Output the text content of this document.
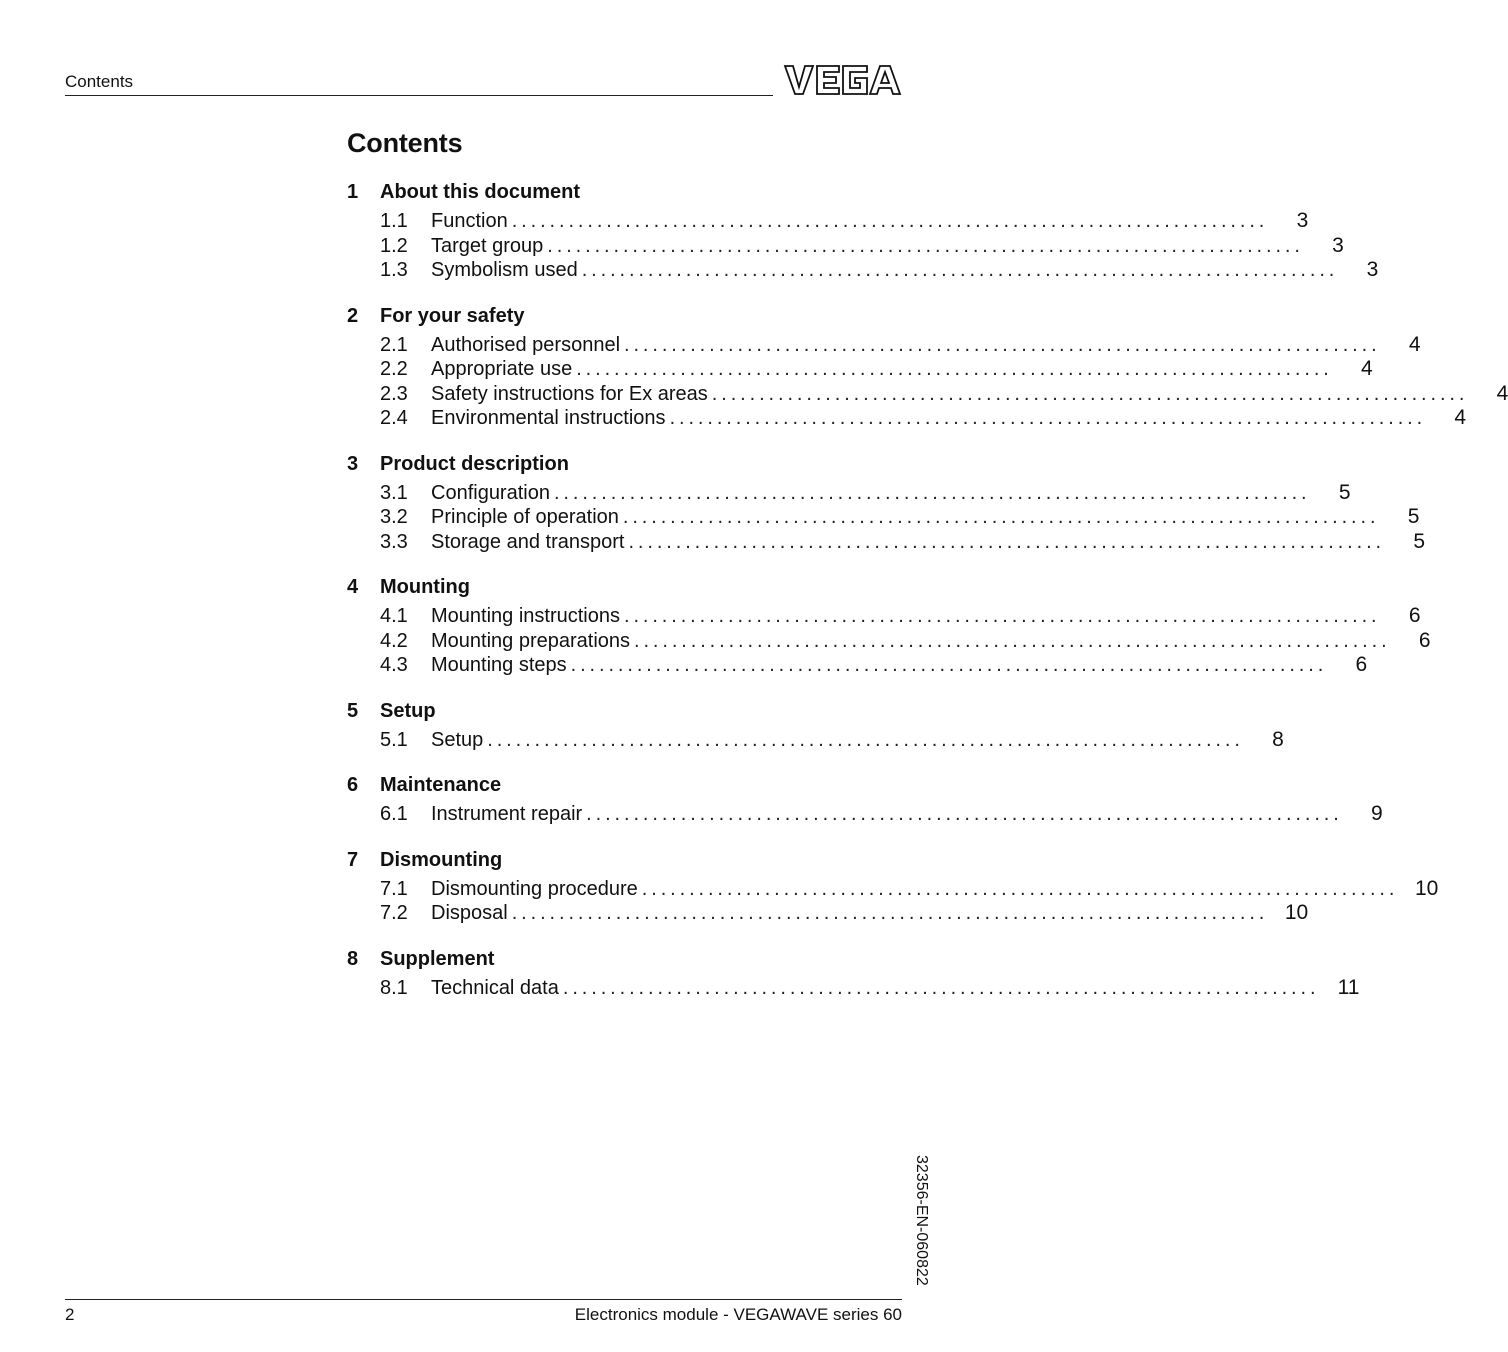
Contents
Contents
1	About this document
1.1	Function ................................................................................	3
1.2	Target group ................................................................................	3
1.3	Symbolism used ................................................................................	3
2	For your safety
2.1	Authorised personnel ................................................................................	4
2.2	Appropriate use ................................................................................	4
2.3	Safety instructions for Ex areas ................................................................................	4
2.4	Environmental instructions ................................................................................	4
3	Product description
3.1	Configuration ................................................................................	5
3.2	Principle of operation ................................................................................	5
3.3	Storage and transport ................................................................................	5
4	Mounting
4.1	Mounting instructions ................................................................................	6
4.2	Mounting preparations ................................................................................	6
4.3	Mounting steps ................................................................................	6
5	Setup
5.1	Setup ................................................................................	8
6	Maintenance
6.1	Instrument repair ................................................................................	9
7	Dismounting
7.1	Dismounting procedure ................................................................................ 10
7.2	Disposal ................................................................................ 10
8	Supplement
8.1	Technical data ................................................................................ 11
32356-EN-060822
2	Electronics module - VEGAWAVE series 60
